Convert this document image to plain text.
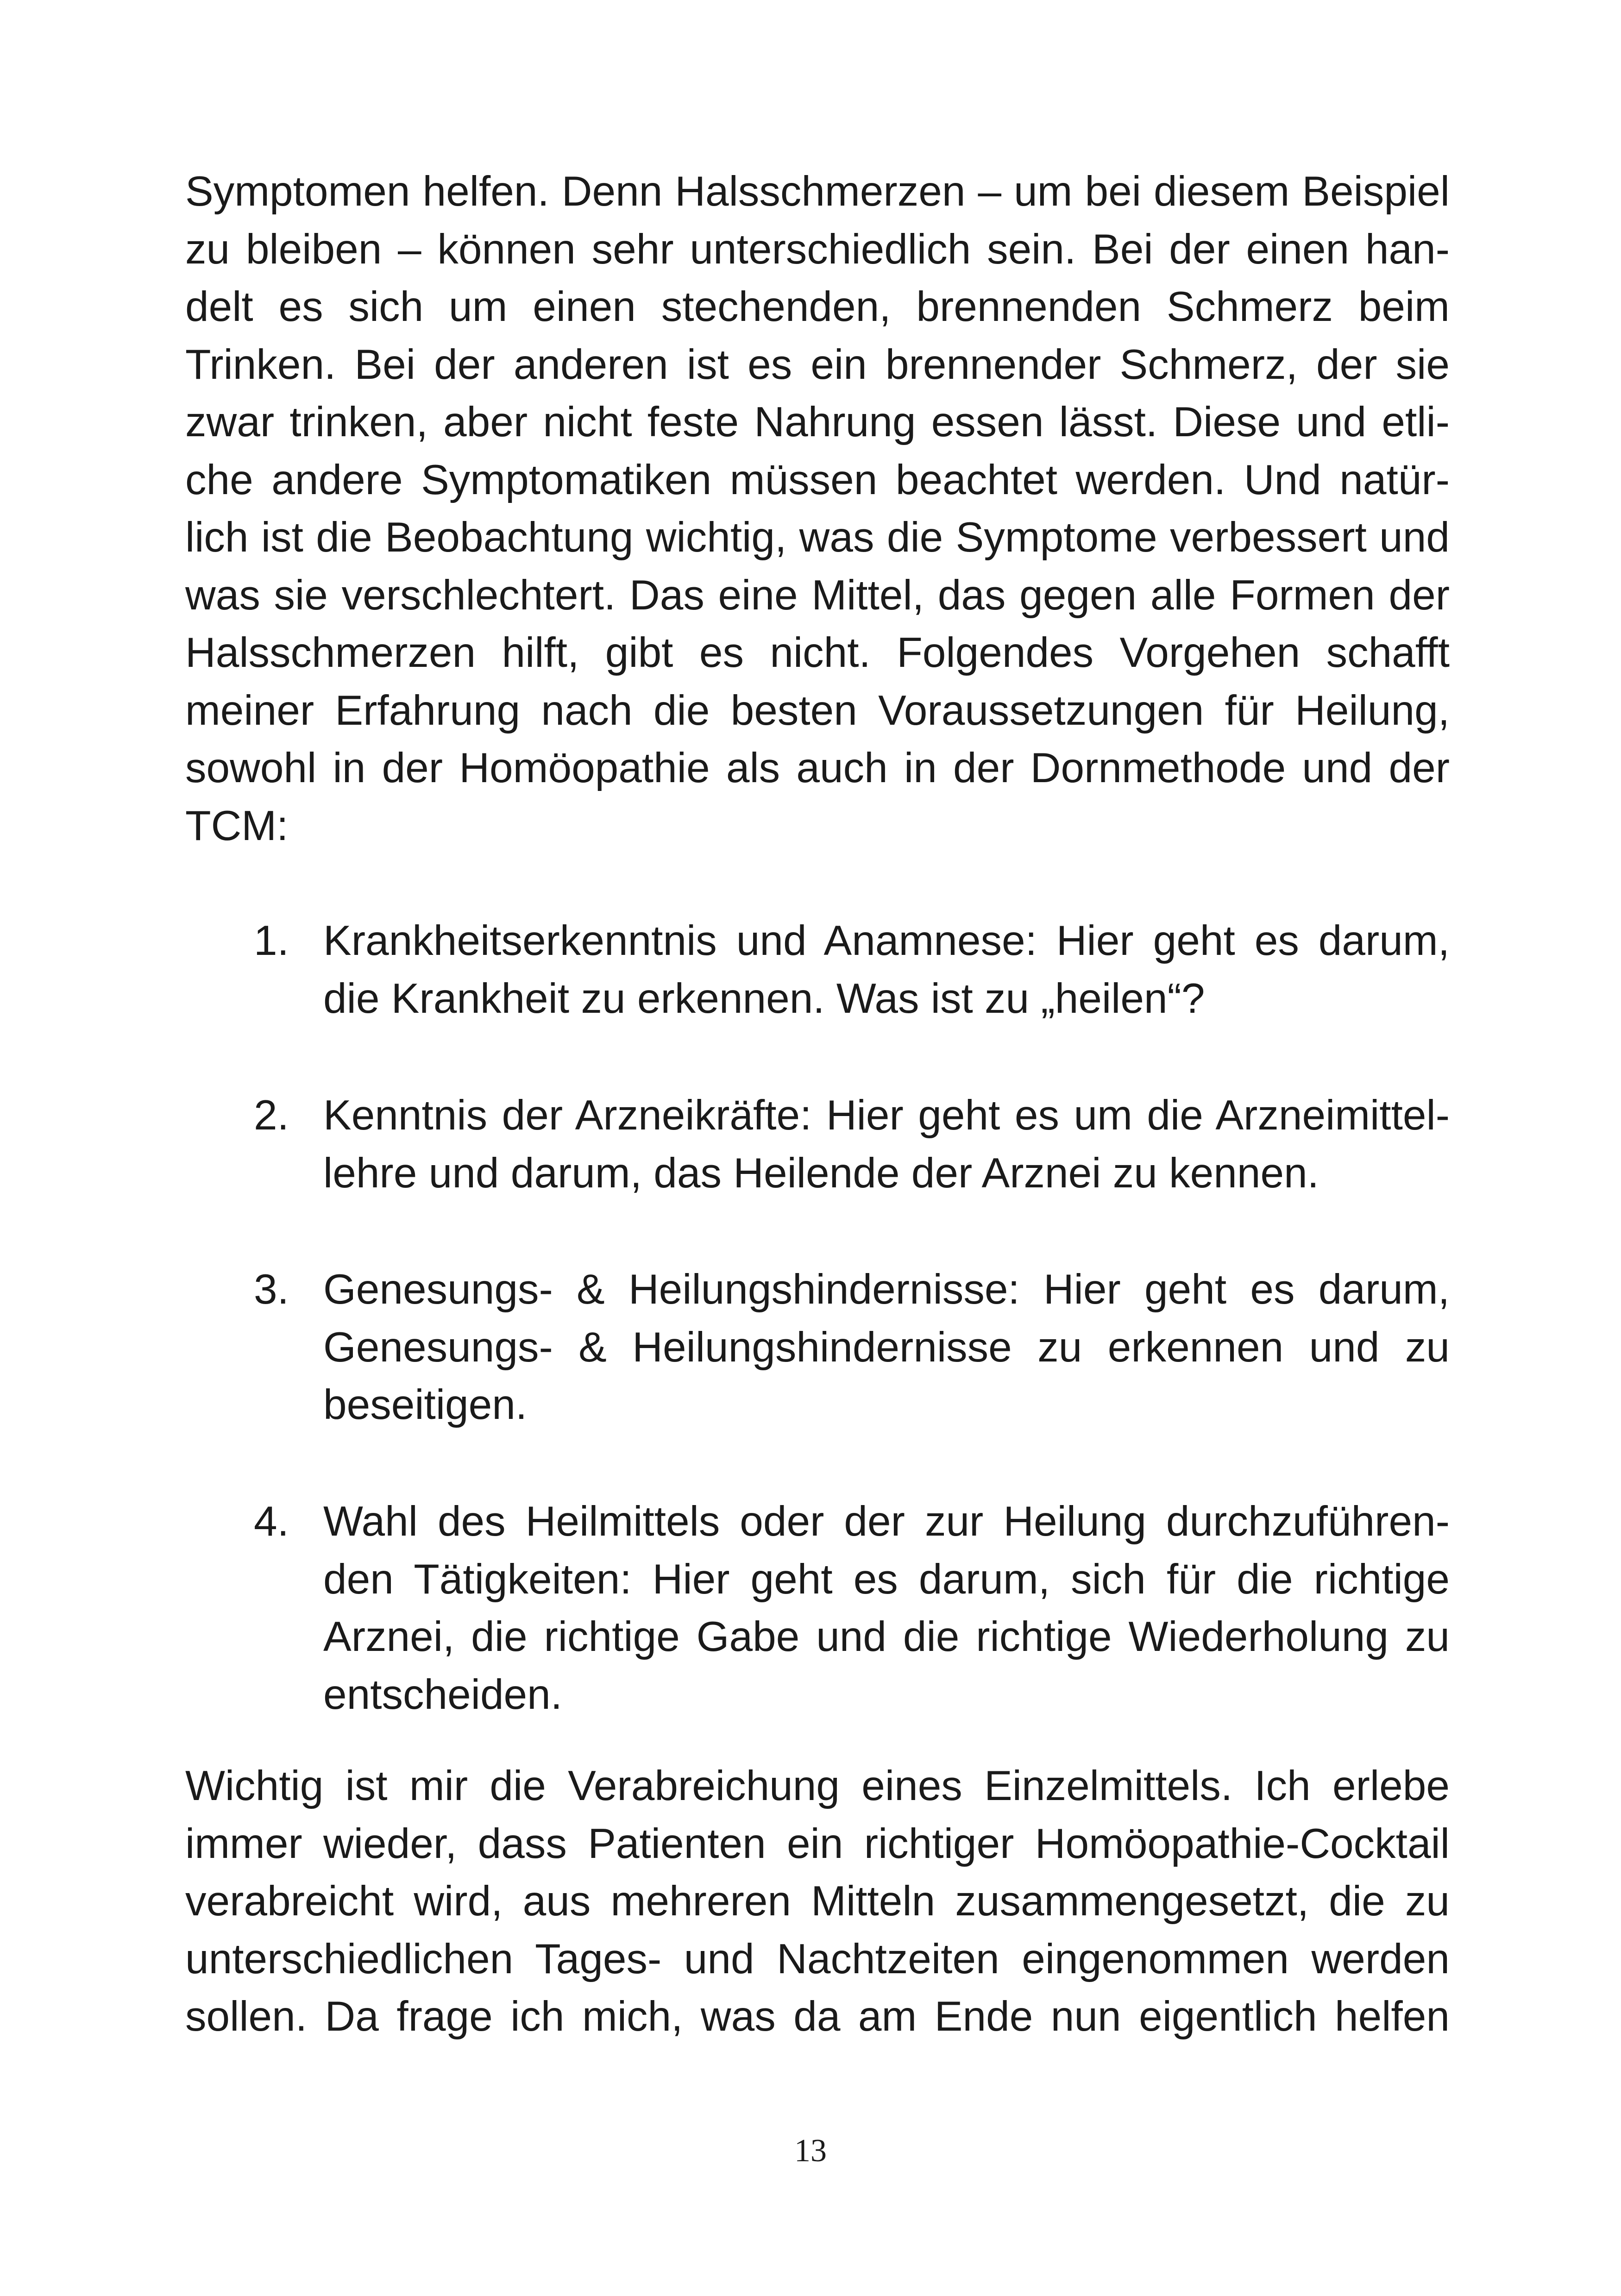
Symptomen helfen. Denn Halsschmerzen – um bei diesem Beispiel
zu bleiben – können sehr unterschiedlich sein. Bei der einen han-
delt es sich um einen stechenden, brennenden Schmerz beim
Trinken. Bei der anderen ist es ein brennender Schmerz, der sie
zwar trinken, aber nicht feste Nahrung essen lässt. Diese und etli-
che andere Symptomatiken müssen beachtet werden. Und natür-
lich ist die Beobachtung wichtig, was die Symptome verbessert und
was sie verschlechtert. Das eine Mittel, das gegen alle Formen der
Halsschmerzen hilft, gibt es nicht. Folgendes Vorgehen schafft
meiner Erfahrung nach die besten Voraussetzungen für Heilung,
sowohl in der Homöopathie als auch in der Dornmethode und der
TCM:
1. Krankheitserkenntnis und Anamnese: Hier geht es darum,
die Krankheit zu erkennen. Was ist zu „heilen“?
2. Kenntnis der Arzneikräfte: Hier geht es um die Arzneimittel-
lehre und darum, das Heilende der Arznei zu kennen.
3. Genesungs- & Heilungshindernisse: Hier geht es darum,
Genesungs- & Heilungshindernisse zu erkennen und zu
beseitigen.
4. Wahl des Heilmittels oder der zur Heilung durchzuführen-
den Tätigkeiten: Hier geht es darum, sich für die richtige
Arznei, die richtige Gabe und die richtige Wiederholung zu
entscheiden.
Wichtig ist mir die Verabreichung eines Einzelmittels. Ich erlebe
immer wieder, dass Patienten ein richtiger Homöopathie-Cocktail
verabreicht wird, aus mehreren Mitteln zusammengesetzt, die zu
unterschiedlichen Tages- und Nachtzeiten eingenommen werden
sollen. Da frage ich mich, was da am Ende nun eigentlich helfen
13
